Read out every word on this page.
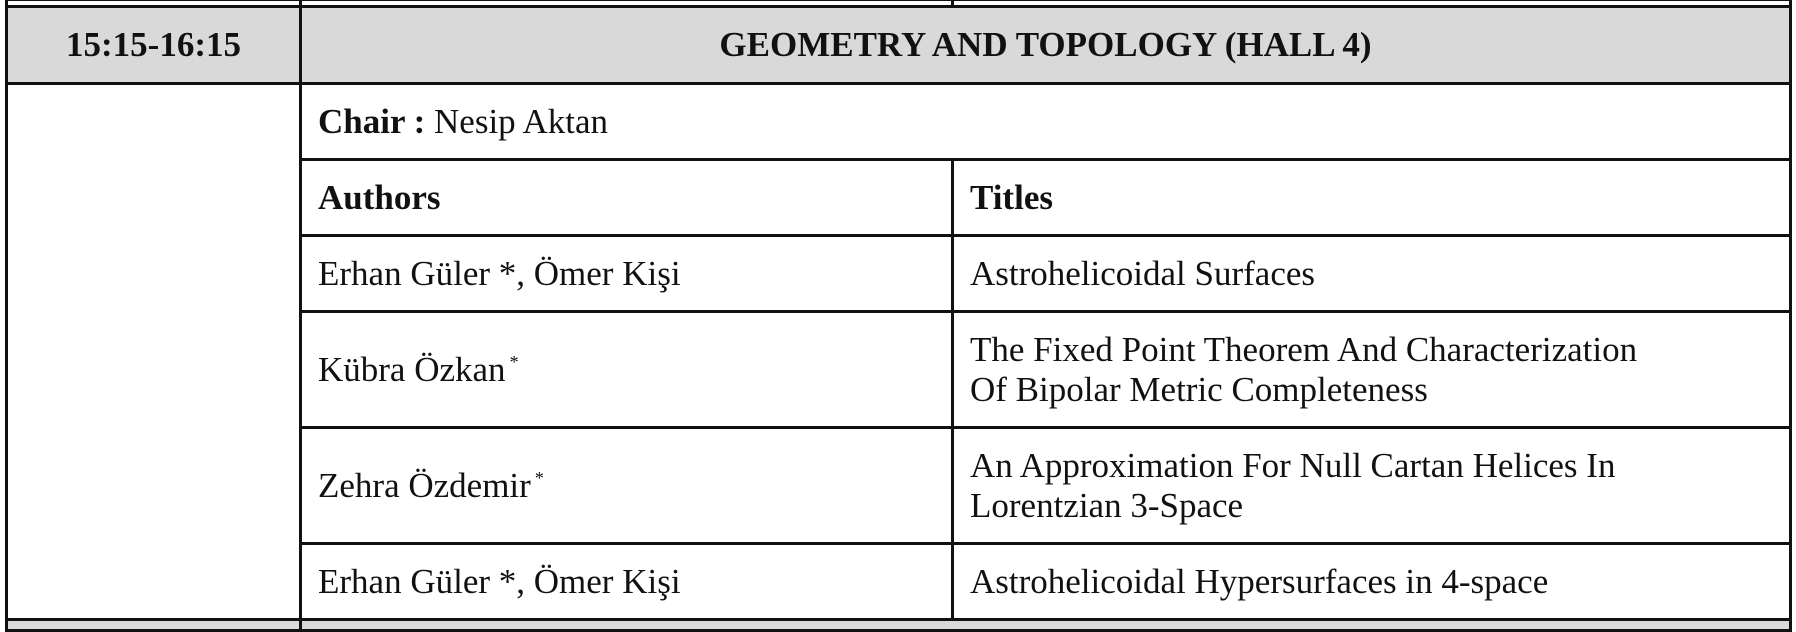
15:15-16:15	GEOMETRY AND TOPOLOGY (HALL 4)	
	Chair : Nesip Aktan	
	Authors	Titles
	Erhan Güler *, Ömer Kişi	Astrohelicoidal Surfaces

	Kübra Özkan *	The Fixed Point Theorem And Characterization
Of Bipolar Metric Completeness

	Zehra Özdemir *	An Approximation For Null Cartan Helices In
Lorentzian 3-Space

	Erhan Güler *, Ömer Kişi	Astrohelicoidal Hypersurfaces in 4-space
